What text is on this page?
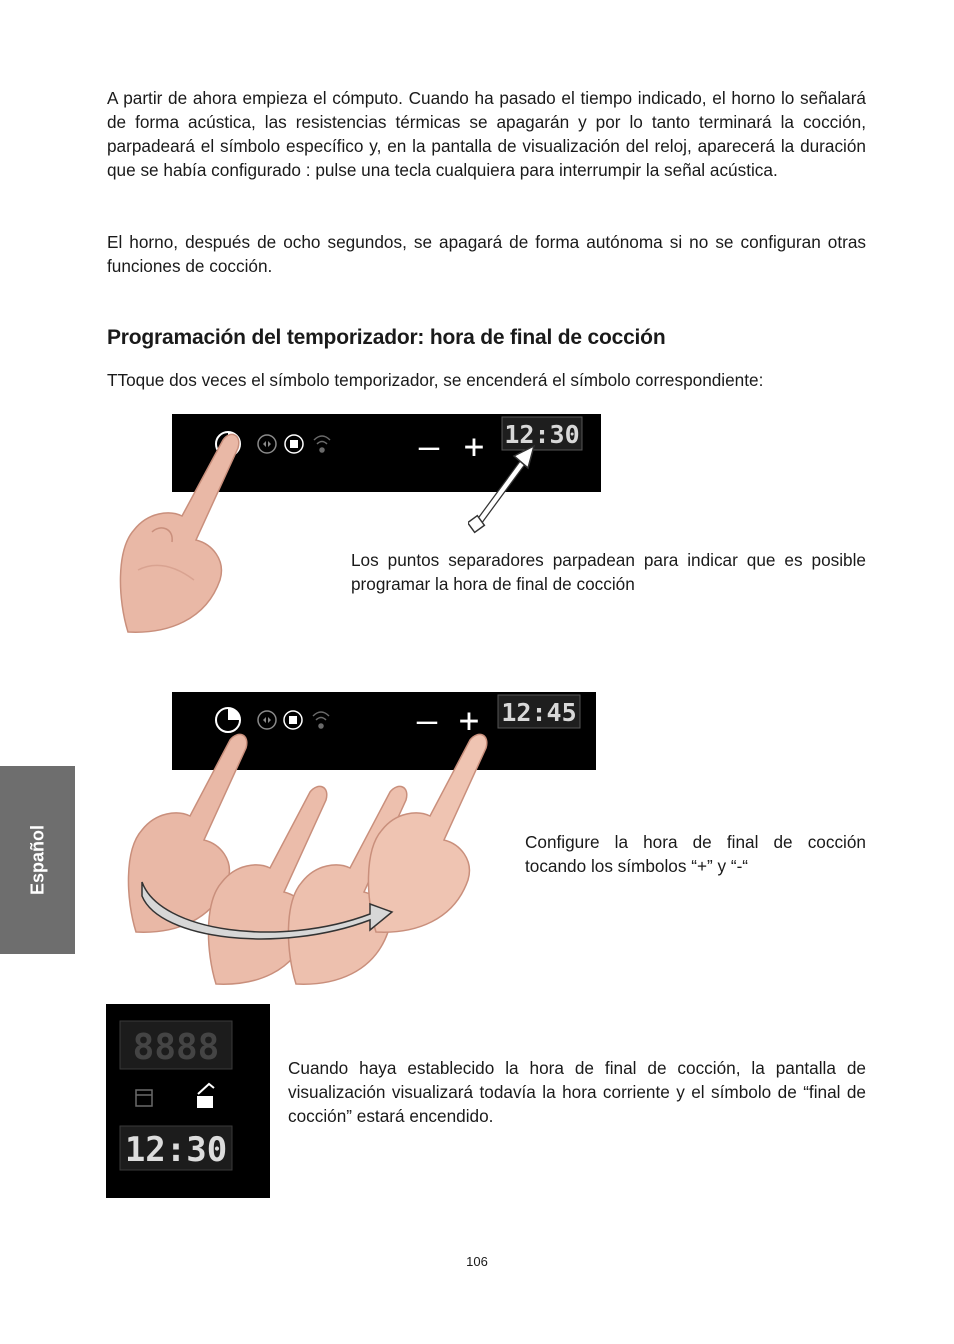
A partir de ahora empieza el cómputo. Cuando ha pasado el tiempo indicado, el horno lo señalará de forma acústica, las resistencias térmicas se apagarán y por lo tanto terminará la cocción, parpadeará el símbolo específico y, en la pantalla de visualización del reloj, aparecerá la duración que se había configurado : pulse una tecla cualquiera para interrumpir la señal acústica.

El horno, después de ocho segundos, se apagará de forma autónoma si no se configuran otras funciones de cocción.

Programación del temporizador: hora de final de cocción

TToque dos veces el símbolo temporizador, se encenderá el símbolo correspondiente:

– + 12:30

Los puntos separadores parpadean para indicar que es posible programar la hora de final de cocción

– + 12:45

Configure la hora de final de cocción tocando los símbolos “+” y “-“

8888
12:30

Cuando haya establecido la hora de final de cocción, la pantalla de visualización visualizará todavía la hora corriente y el símbolo de “final de cocción” estará encendido.

Español
106
